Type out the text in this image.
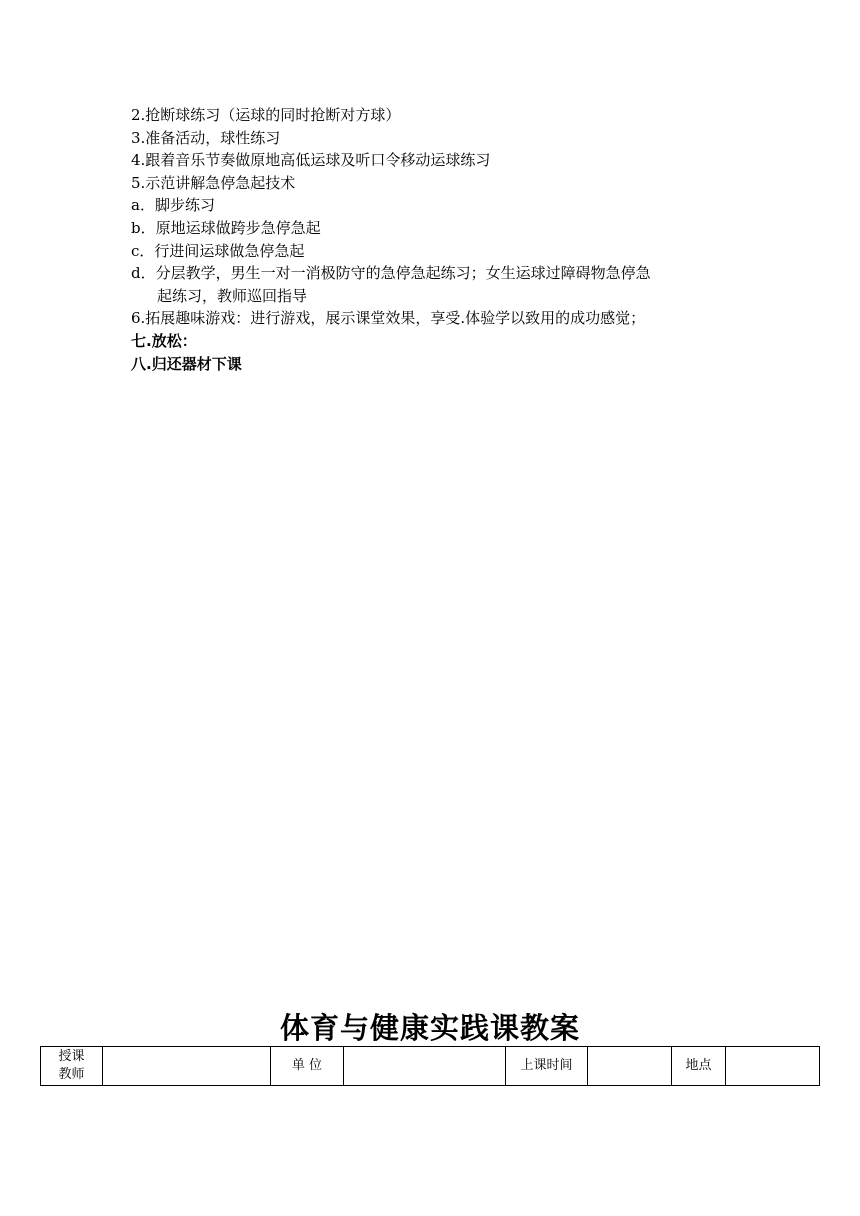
2.抢断球练习（运球的同时抢断对方球）
3.准备活动，球性练习
4.跟着音乐节奏做原地高低运球及听口令移动运球练习
5.示范讲解急停急起技术
a．脚步练习
b．原地运球做跨步急停急起
c．行进间运球做急停急起
d．分层教学，男生一对一消极防守的急停急起练习；女生运球过障碍物急停急
起练习，教师巡回指导
6.拓展趣味游戏：进行游戏，展示课堂效果，享受.体验学以致用的成功感觉；
七.放松：
八.归还器材下课
体育与健康实践课教案
授课
教师
		单 位		上课时间		地点	
